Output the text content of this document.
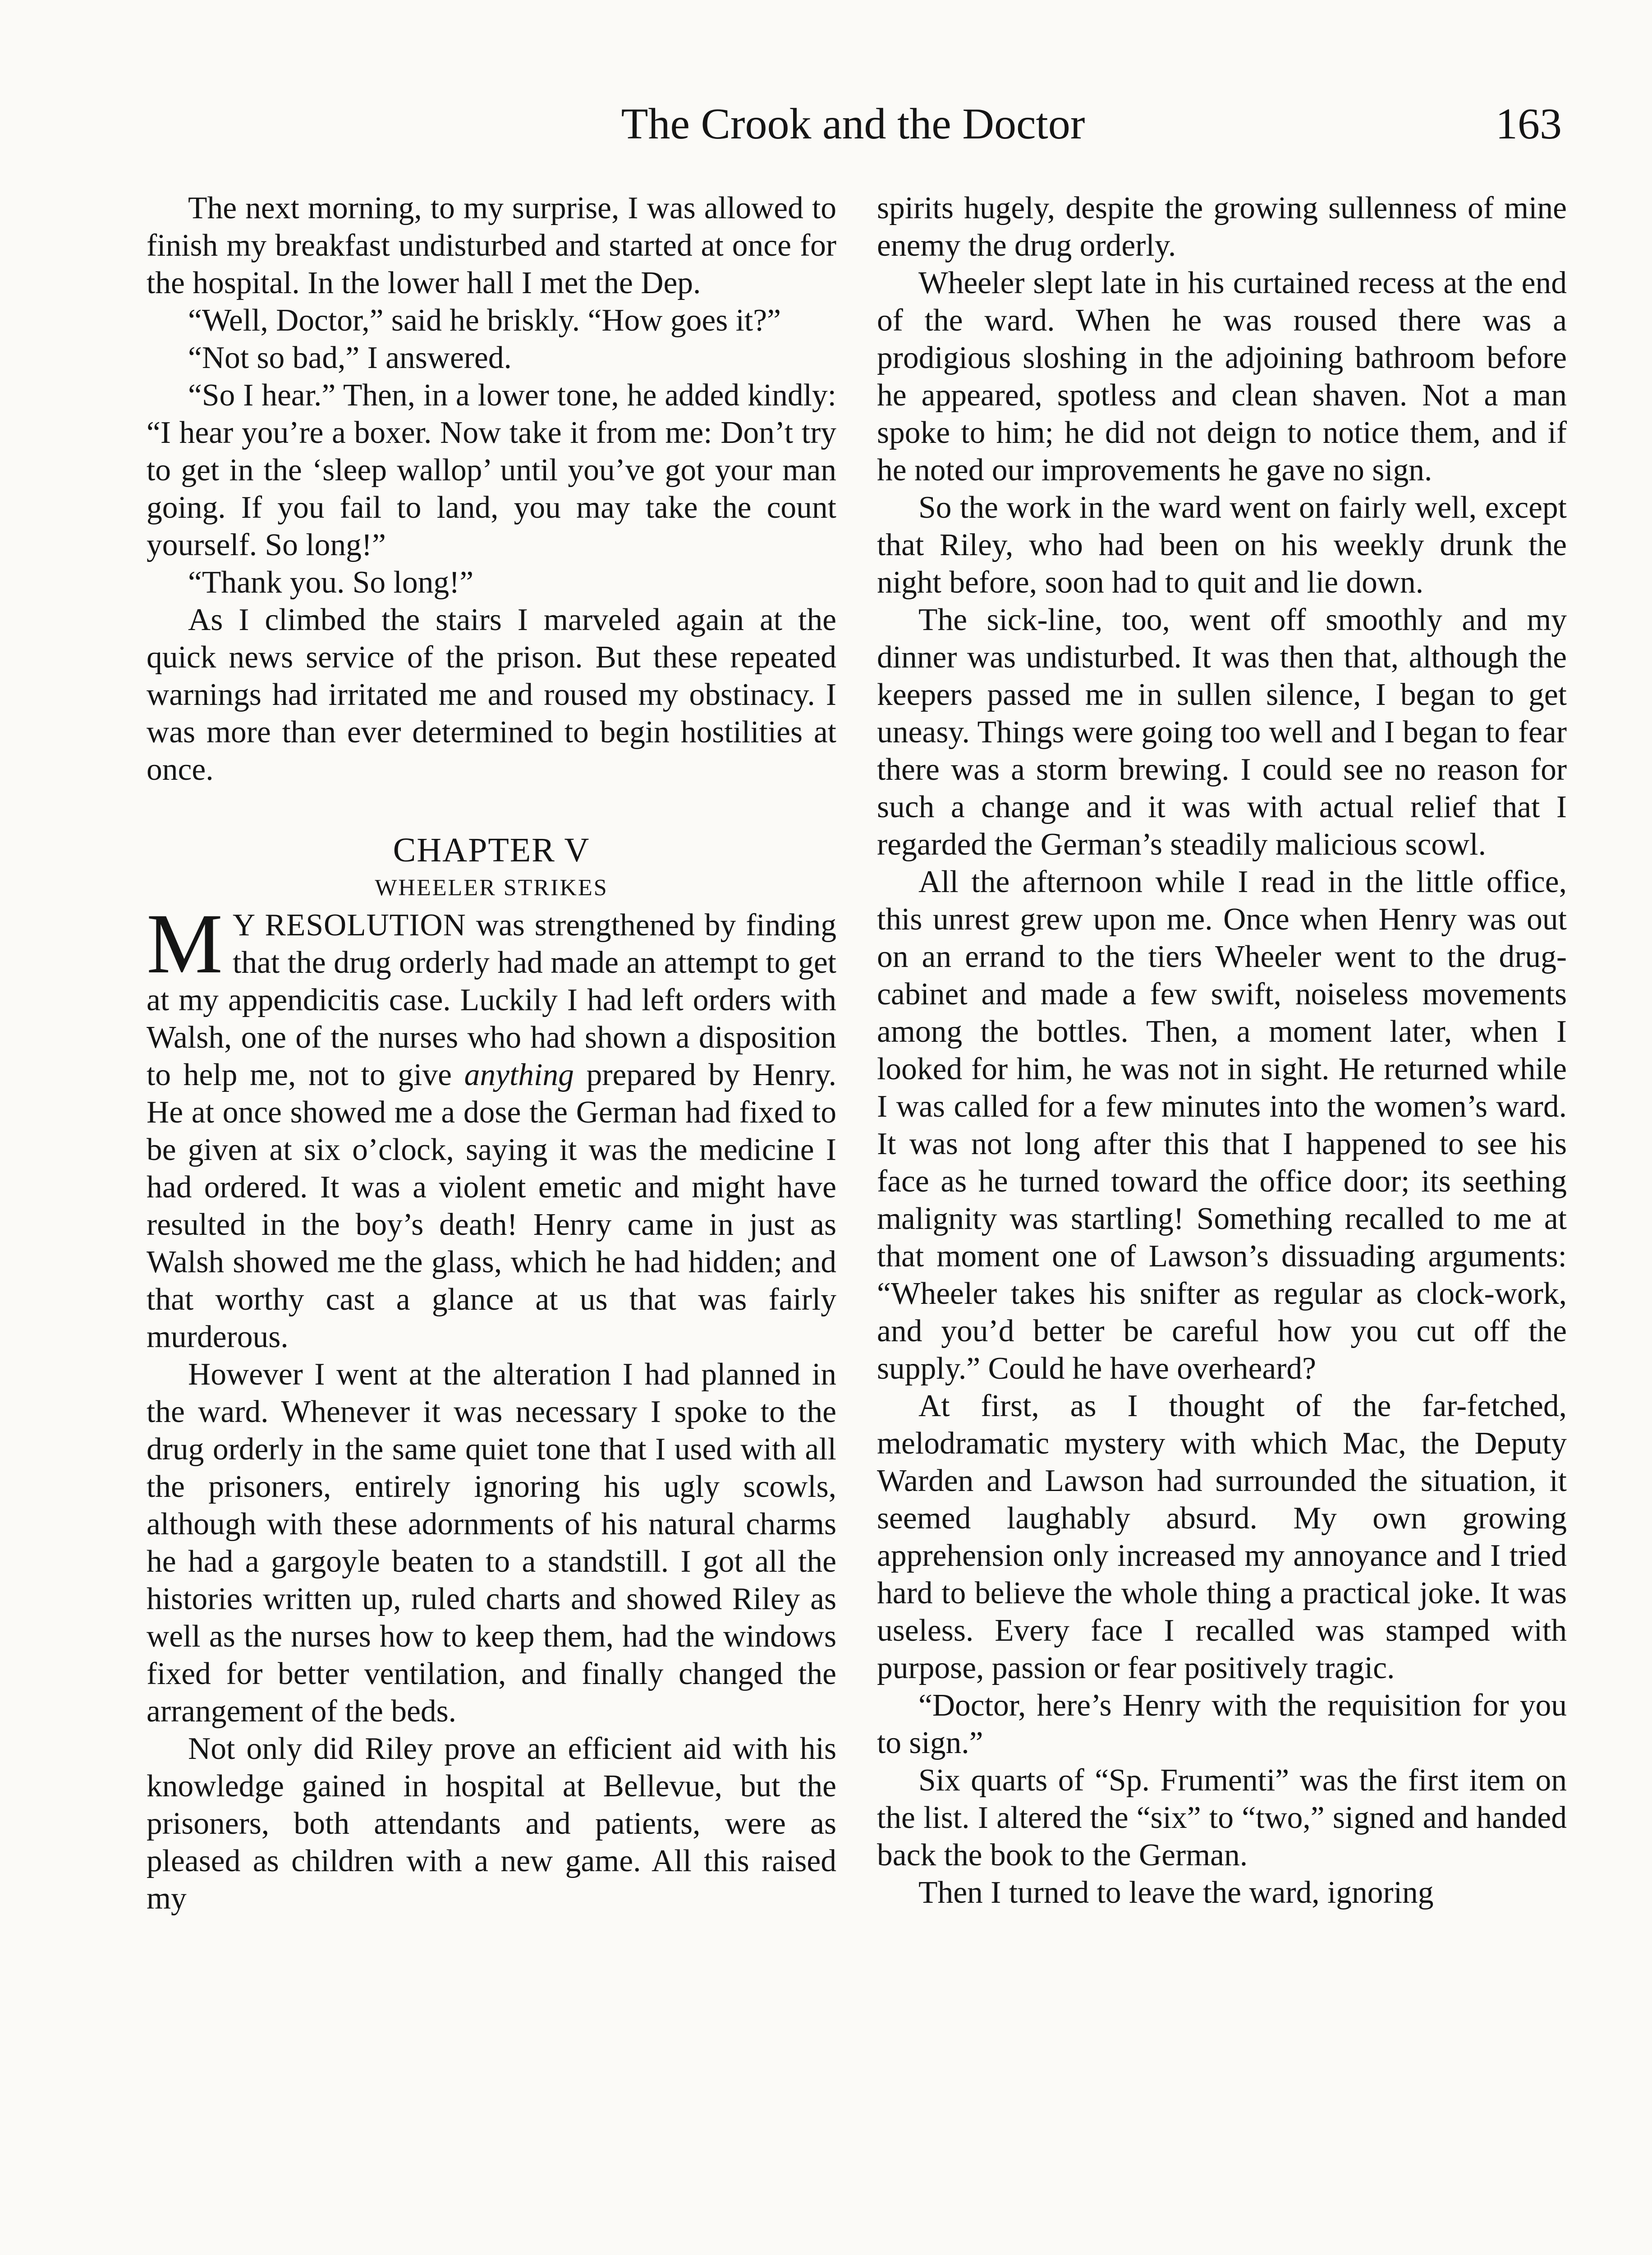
The Crook and the Doctor	163

The next morning, to my surprise, I was allowed to finish my breakfast undisturbed and started at once for the hospital. In the lower hall I met the Dep.

“Well, Doctor,” said he briskly. “How goes it?”

“Not so bad,” I answered.

“So I hear.” Then, in a lower tone, he added kindly: “I hear you’re a boxer. Now take it from me: Don’t try to get in the ‘sleep wallop’ until you’ve got your man going. If you fail to land, you may take the count yourself. So long!”

“Thank you. So long!”

As I climbed the stairs I marveled again at the quick news service of the prison. But these repeated warnings had irritated me and roused my obstinacy. I was more than ever determined to begin hostilities at once.

CHAPTER V

WHEELER STRIKES

M Y RESOLUTION was strengthened by finding that the drug orderly had made an attempt to get at my appendicitis case. Luckily I had left orders with Walsh, one of the nurses who had shown a disposition to help me, not to give anything prepared by Henry. He at once showed me a dose the German had fixed to be given at six o’clock, saying it was the medicine I had ordered. It was a violent emetic and might have resulted in the boy’s death! Henry came in just as Walsh showed me the glass, which he had hidden; and that worthy cast a glance at us that was fairly murderous.

However I went at the alteration I had planned in the ward. Whenever it was necessary I spoke to the drug orderly in the same quiet tone that I used with all the prisoners, entirely ignoring his ugly scowls, although with these adornments of his natural charms he had a gargoyle beaten to a standstill. I got all the histories written up, ruled charts and showed Riley as well as the nurses how to keep them, had the windows fixed for better ventilation, and finally changed the arrangement of the beds.

Not only did Riley prove an efficient aid with his knowledge gained in hospital at Bellevue, but the prisoners, both attendants and patients, were as pleased as children with a new game. All this raised my

spirits hugely, despite the growing sullenness of mine enemy the drug orderly.

Wheeler slept late in his curtained recess at the end of the ward. When he was roused there was a prodigious sloshing in the adjoining bathroom before he appeared, spotless and clean shaven. Not a man spoke to him; he did not deign to notice them, and if he noted our improvements he gave no sign.

So the work in the ward went on fairly well, except that Riley, who had been on his weekly drunk the night before, soon had to quit and lie down.

The sick-line, too, went off smoothly and my dinner was undisturbed. It was then that, although the keepers passed me in sullen silence, I began to get uneasy. Things were going too well and I began to fear there was a storm brewing. I could see no reason for such a change and it was with actual relief that I regarded the German’s steadily malicious scowl.

All the afternoon while I read in the little office, this unrest grew upon me. Once when Henry was out on an errand to the tiers Wheeler went to the drug-cabinet and made a few swift, noiseless movements among the bottles. Then, a moment later, when I looked for him, he was not in sight. He returned while I was called for a few minutes into the women’s ward. It was not long after this that I happened to see his face as he turned toward the office door; its seething malignity was startling! Something recalled to me at that moment one of Lawson’s dissuading arguments: “Wheeler takes his snifter as regular as clock-work, and you’d better be careful how you cut off the supply.” Could he have overheard?

At first, as I thought of the far-fetched, melodramatic mystery with which Mac, the Deputy Warden and Lawson had surrounded the situation, it seemed laughably absurd. My own growing apprehension only increased my annoyance and I tried hard to believe the whole thing a practical joke. It was useless. Every face I recalled was stamped with purpose, passion or fear positively tragic.

“Doctor, here’s Henry with the requisition for you to sign.”

Six quarts of “Sp. Frumenti” was the first item on the list. I altered the “six” to “two,” signed and handed back the book to the German.

Then I turned to leave the ward, ignoring
